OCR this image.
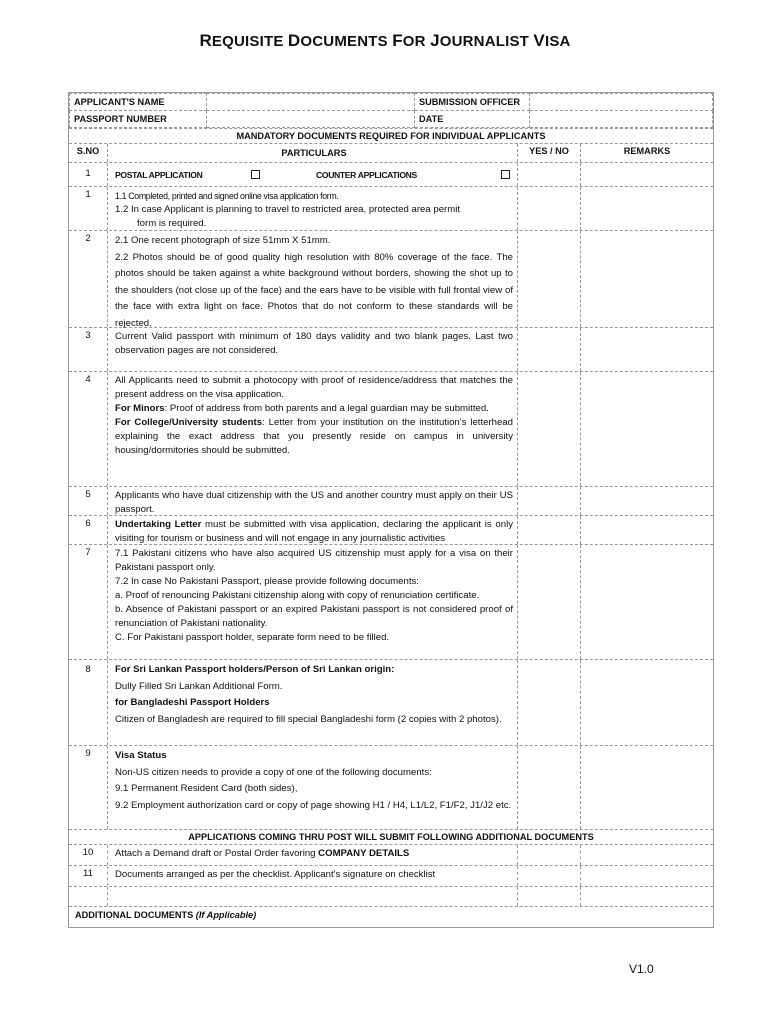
REQUISITE DOCUMENTS FOR JOURNALIST VISA
APPLICANT'S NAME		SUBMISSION OFFICER	
PASSPORT NUMBER		DATE	
MANDATORY DOCUMENTS REQUIRED FOR INDIVIDUAL APPLICANTS
S.NO	PARTICULARS	YES / NO	REMARKS
1	POSTAL APPLICATION	COUNTER APPLICATIONS
1	1.1 Completed, printed and signed online visa application form.

1.2 In case Applicant is planning to travel to restricted area, protected area permit

form is required.

2	2.1 One recent photograph of size 51mm X 51mm.

2.2 Photos should be of good quality high resolution with 80% coverage of the face. The photos should be taken against a white background without borders, showing the shot up to the shoulders (not close up of the face) and the ears have to be visible with full frontal view of the face with extra light on face. Photos that do not conform to these standards will be rejected.

3	Current Valid passport with minimum of 180 days validity and two blank pages. Last two observation pages are not considered.

4	All Applicants need to submit a photocopy with proof of residence/address that matches the present address on the visa application.

For Minors: Proof of address from both parents and a legal guardian may be submitted.

For College/University students: Letter from your institution on the institution's letterhead explaining the exact address that you presently reside on campus in university housing/dormitories should be submitted.

5	Applicants who have dual citizenship with the US and another country must apply on their US passport.

6	Undertaking Letter must be submitted with visa application, declaring the applicant is only visiting for tourism or business and will not engage in any journalistic activities

7	7.1 Pakistani citizens who have also acquired US citizenship must apply for a visa on their Pakistani passport only.

7.2 In case No Pakistani Passport, please provide following documents:

a. Proof of renouncing Pakistani citizenship along with copy of renunciation certificate.

b. Absence of Pakistani passport or an expired Pakistani passport is not considered proof of renunciation of Pakistani nationality.

C. For Pakistani passport holder, separate form need to be filled.

8	For Sri Lankan Passport holders/Person of Sri Lankan origin:

Dully Filled Sri Lankan Additional Form.

for Bangladeshi Passport Holders

Citizen of Bangladesh are required to fill special Bangladeshi form (2 copies with 2 photos).

9	Visa Status

Non-US citizen needs to provide a copy of one of the following documents:

9.1 Permanent Resident Card (both sides),

9.2 Employment authorization card or copy of page showing H1 / H4, L1/L2, F1/F2, J1/J2 etc.

APPLICATIONS COMING THRU POST WILL SUBMIT FOLLOWING ADDITIONAL DOCUMENTS
10	Attach a Demand draft or Postal Order favoring COMPANY DETAILS

11	Documents arranged as per the checklist. Applicant's signature on checklist

ADDITIONAL DOCUMENTS (If Applicable)
V1.0
